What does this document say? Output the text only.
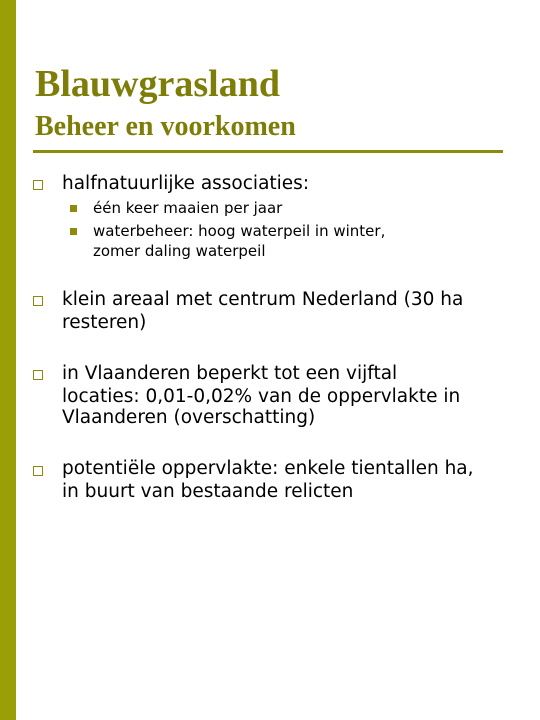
Blauwgrasland
Beheer en voorkomen

halfnatuurlijke associaties:

één keer maaien per jaar

waterbeheer: hoog waterpeil in winter,

zomer daling waterpeil

klein areaal met centrum Nederland (30 ha

resteren)

in Vlaanderen beperkt tot een vijftal

locaties: 0,01-0,02% van de oppervlakte in

Vlaanderen (overschatting)

potentiële oppervlakte: enkele tientallen ha,

in buurt van bestaande relicten
